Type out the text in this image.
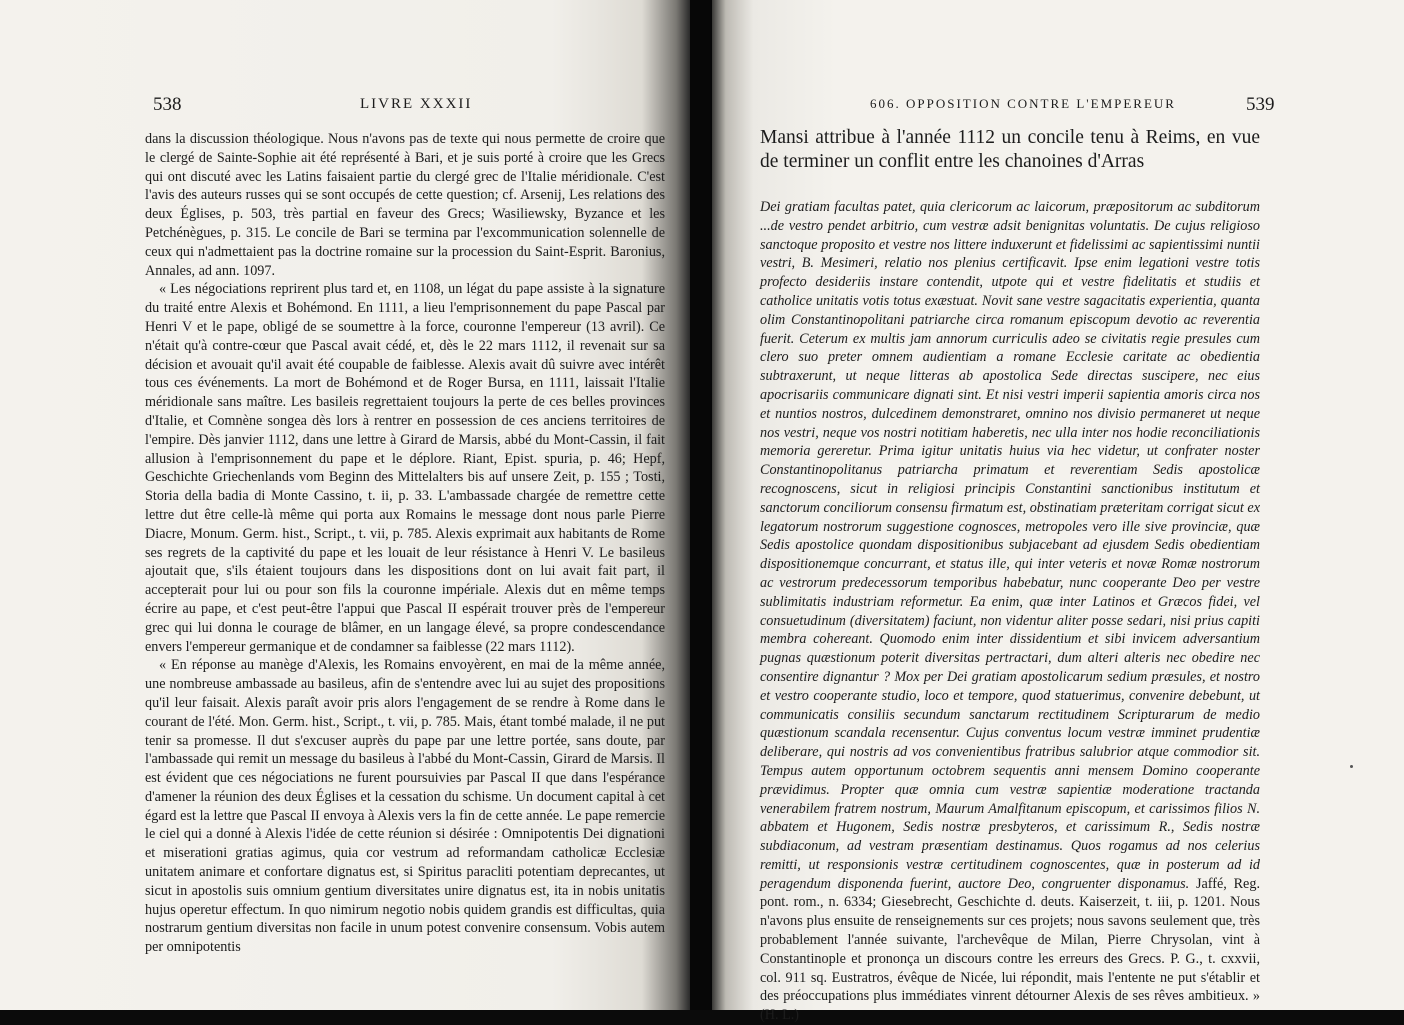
538	LIVRE XXXII

dans la discussion théologique. Nous n'avons pas de texte qui nous permette de croire que le clergé de Sainte-Sophie ait été représenté à Bari, et je suis porté à croire que les Grecs qui ont discuté avec les Latins faisaient partie du clergé grec de l'Italie méridionale. C'est l'avis des auteurs russes qui se sont occupés de cette question; cf. Arsenij, Les relations des deux Églises, p. 503, très partial en faveur des Grecs; Wasiliewsky, Byzance et les Petchénègues, p. 315. Le concile de Bari se termina par l'excommunication solennelle de ceux qui n'admettaient pas la doctrine romaine sur la procession du Saint-Esprit. Baronius, Annales, ad ann. 1097.

« Les négociations reprirent plus tard et, en 1108, un légat du pape assiste à la signature du traité entre Alexis et Bohémond. En 1111, a lieu l'emprisonnement du pape Pascal par Henri V et le pape, obligé de se soumettre à la force, couronne l'empereur (13 avril). Ce n'était qu'à contre-cœur que Pascal avait cédé, et, dès le 22 mars 1112, il revenait sur sa décision et avouait qu'il avait été coupable de faiblesse. Alexis avait dû suivre avec intérêt tous ces événements. La mort de Bohémond et de Roger Bursa, en 1111, laissait l'Italie méridionale sans maître. Les basileis regrettaient toujours la perte de ces belles provinces d'Italie, et Comnène songea dès lors à rentrer en possession de ces anciens territoires de l'empire. Dès janvier 1112, dans une lettre à Girard de Marsis, abbé du Mont-Cassin, il fait allusion à l'emprisonnement du pape et le déplore. Riant, Epist. spuria, p. 46; Hepf, Geschichte Griechenlands vom Beginn des Mittelalters bis auf unsere Zeit, p. 155 ; Tosti, Storia della badia di Monte Cassino, t. ii, p. 33. L'ambassade chargée de remettre cette lettre dut être celle-là même qui porta aux Romains le message dont nous parle Pierre Diacre, Monum. Germ. hist., Script., t. vii, p. 785. Alexis exprimait aux habitants de Rome ses regrets de la captivité du pape et les louait de leur résistance à Henri V. Le basileus ajoutait que, s'ils étaient toujours dans les dispositions dont on lui avait fait part, il accepterait pour lui ou pour son fils la couronne impériale. Alexis dut en même temps écrire au pape, et c'est peut-être l'appui que Pascal II espérait trouver près de l'empereur grec qui lui donna le courage de blâmer, en un langage élevé, sa propre condescendance envers l'empereur germanique et de condamner sa faiblesse (22 mars 1112).

« En réponse au manège d'Alexis, les Romains envoyèrent, en mai de la même année, une nombreuse ambassade au basileus, afin de s'entendre avec lui au sujet des propositions qu'il leur faisait. Alexis paraît avoir pris alors l'engagement de se rendre à Rome dans le courant de l'été. Mon. Germ. hist., Script., t. vii, p. 785. Mais, étant tombé malade, il ne put tenir sa promesse. Il dut s'excuser auprès du pape par une lettre portée, sans doute, par l'ambassade qui remit un message du basileus à l'abbé du Mont-Cassin, Girard de Marsis. Il est évident que ces négociations ne furent poursuivies par Pascal II que dans l'espérance d'amener la réunion des deux Églises et la cessation du schisme. Un document capital à cet égard est la lettre que Pascal II envoya à Alexis vers la fin de cette année. Le pape remercie le ciel qui a donné à Alexis l'idée de cette réunion si désirée : Omnipotentis Dei dignationi et miserationi gratias agimus, quia cor vestrum ad reformandam catholicæ Ecclesiæ unitatem animare et confortare dignatus est, si Spiritus paracliti potentiam deprecantes, ut sicut in apostolis suis omnium gentium diversitates unire dignatus est, ita in nobis unitatis hujus operetur effectum. In quo nimirum negotio nobis quidem grandis est difficultas, quia nostrarum gentium diversitas non facile in unum potest convenire consensum. Vobis autem per omnipotentis

606. OPPOSITION CONTRE L'EMPEREUR	539
Mansi attribue à l'année 1112 un concile tenu à Reims, en vue de terminer un conflit entre les chanoines d'Arras
Dei gratiam facultas patet, quia clericorum ac laicorum, præpositorum ac subditorum ...de vestro pendet arbitrio, cum vestræ adsit benignitas voluntatis. De cujus religioso sanctoque proposito et vestre nos littere induxerunt et fidelissimi ac sapientissimi nuntii vestri, B. Mesimeri, relatio nos plenius certificavit. Ipse enim legationi vestre totis profecto desideriis instare contendit, utpote qui et vestre fidelitatis et studiis et catholice unitatis votis totus exæstuat. Novit sane vestre sagacitatis experientia, quanta olim Constantinopolitani patriarche circa romanum episcopum devotio ac reverentia fuerit. Ceterum ex multis jam annorum curriculis adeo se civitatis regie presules cum clero suo preter omnem audientiam a romane Ecclesie caritate ac obedientia subtraxerunt, ut neque litteras ab apostolica Sede directas suscipere, nec eius apocrisariis communicare dignati sint. Et nisi vestri imperii sapientia amoris circa nos et nuntios nostros, dulcedinem demonstraret, omnino nos divisio permaneret ut neque nos vestri, neque vos nostri notitiam haberetis, nec ulla inter nos hodie reconciliationis memoria gereretur. Prima igitur unitatis huius via hec videtur, ut confrater noster Constantinopolitanus patriarcha primatum et reverentiam Sedis apostolicæ recognoscens, sicut in religiosi principis Constantini sanctionibus institutum et sanctorum conciliorum consensu firmatum est, obstinatiam præteritam corrigat sicut ex legatorum nostrorum suggestione cognosces, metropoles vero ille sive provinciæ, quæ Sedis apostolice quondam dispositionibus subjacebant ad ejusdem Sedis obedientiam dispositionemque concurrant, et status ille, qui inter veteris et novæ Romæ nostrorum ac vestrorum predecessorum temporibus habebatur, nunc cooperante Deo per vestre sublimitatis industriam reformetur. Ea enim, quæ inter Latinos et Græcos fidei, vel consuetudinum (diversitatem) faciunt, non videntur aliter posse sedari, nisi prius capiti membra cohereant. Quomodo enim inter dissidentium et sibi invicem adversantium pugnas quæstionum poterit diversitas pertractari, dum alteri alteris nec obedire nec consentire dignantur ? Mox per Dei gratiam apostolicarum sedium præsules, et nostro et vestro cooperante studio, loco et tempore, quod statuerimus, convenire debebunt, ut communicatis consiliis secundum sanctarum rectitudinem Scripturarum de medio quæstionum scandala recensentur. Cujus conventus locum vestræ imminet prudentiæ deliberare, qui nostris ad vos convenientibus fratribus salubrior atque commodior sit. Tempus autem opportunum octobrem sequentis anni mensem Domino cooperante prævidimus. Propter quæ omnia cum vestræ sapientiæ moderatione tractanda venerabilem fratrem nostrum, Maurum Amalfitanum episcopum, et carissimos filios N. abbatem et Hugonem, Sedis nostræ presbyteros, et carissimum R., Sedis nostræ subdiaconum, ad vestram præsentiam destinamus. Quos rogamus ad nos celerius remitti, ut responsionis vestræ certitudinem cognoscentes, quæ in posterum ad id peragendum disponenda fuerint, auctore Deo, congruenter disponamus. Jaffé, Reg. pont. rom., n. 6334; Giesebrecht, Geschichte d. deuts. Kaiserzeit, t. iii, p. 1201. Nous n'avons plus ensuite de renseignements sur ces projets; nous savons seulement que, très probablement l'année suivante, l'archevêque de Milan, Pierre Chrysolan, vint à Constantinople et prononça un discours contre les erreurs des Grecs. P. G., t. cxxvii, col. 911 sq. Eustratros, évêque de Nicée, lui répondit, mais l'entente ne put s'établir et des préoccupations plus immédiates vinrent détourner Alexis de ses rêves ambitieux. » (H. L.)
